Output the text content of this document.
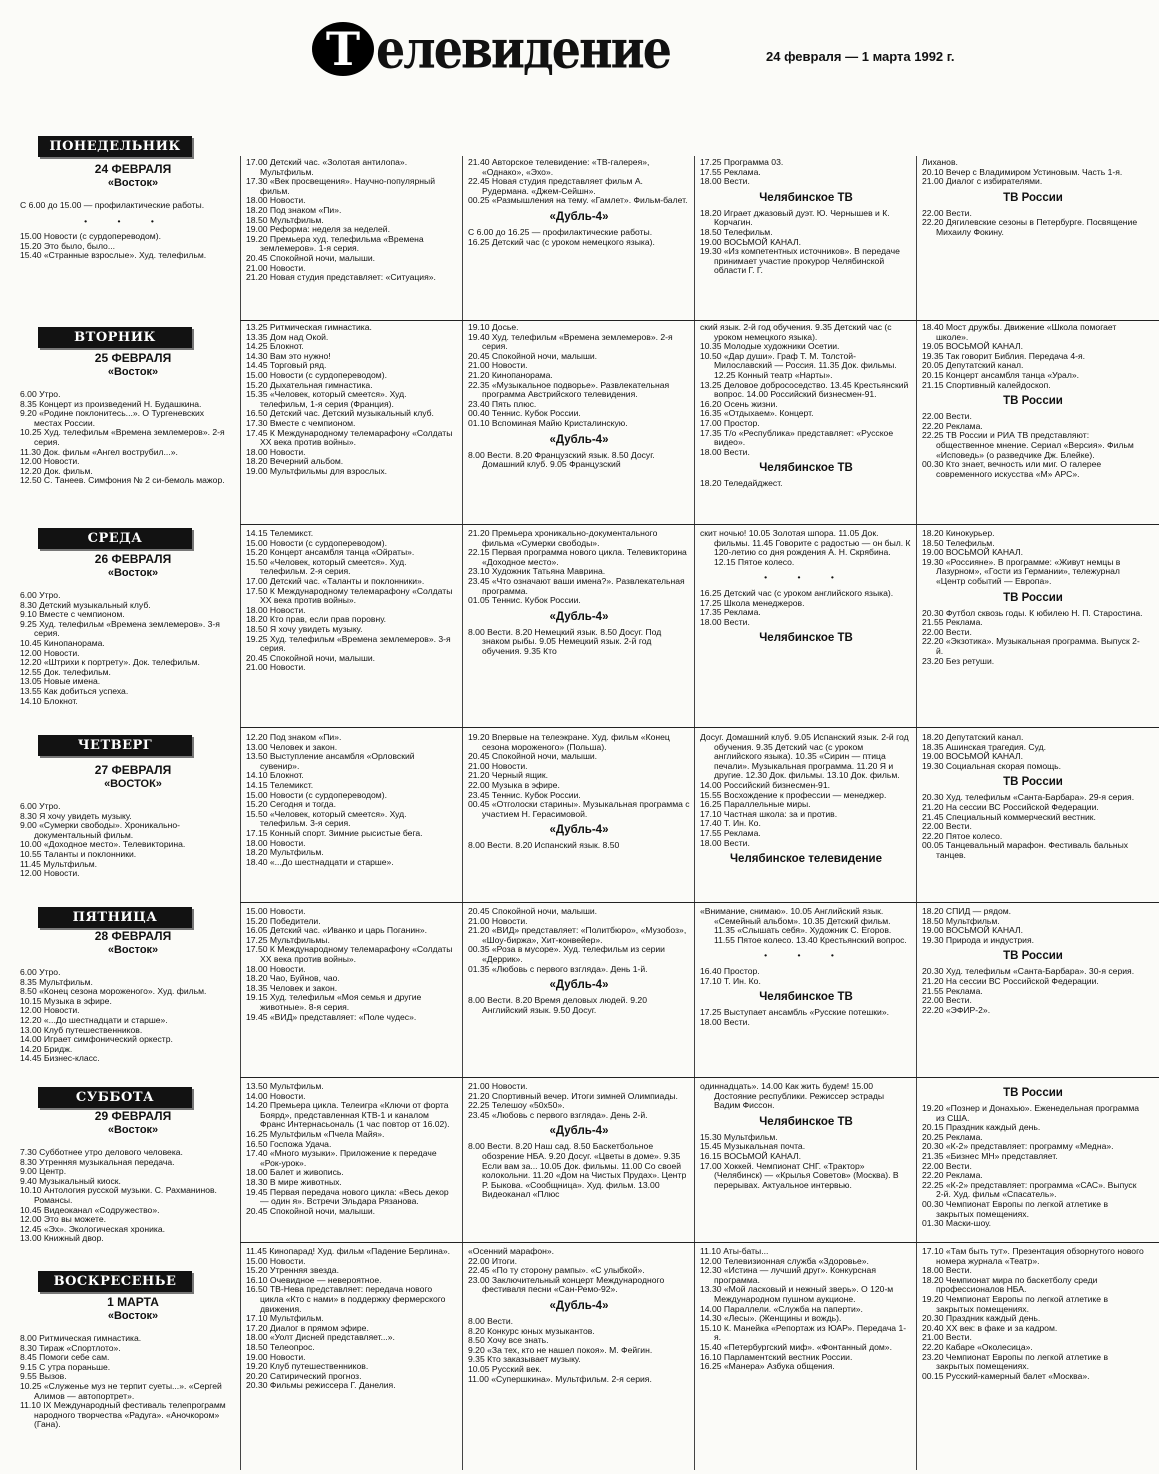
Т елевидение	24 февраля — 1 марта 1992 г.

С 6.00 до 15.00 — профилактические работы.

• • •

15.00 Новости (с сурдопереводом).

15.20 Это было, было...

15.40 «Странные взрослые». Худ. телефильм.

17.00 Детский час. «Золотая антилопа». Мультфильм.

17.30 «Век просвещения». Научно-популярный фильм.

18.00 Новости.

18.20 Под знаком «Пи».

18.50 Мультфильм.

19.00 Реформа: неделя за неделей.

19.20 Премьера худ. телефильма «Времена землемеров». 1-я серия.

20.45 Спокойной ночи, малыши.

21.00 Новости.

21.20 Новая студия представляет: «Ситуация».

21.40 Авторское телевидение: «ТВ-галерея», «Однако», «Эхо».

22.45 Новая студия представляет фильм А. Рудермана. «Джем-Сейшн».

00.25 «Размышления на тему. «Гамлет». Фильм-балет.

«Дубль-4»

С 6.00 до 16.25 — профилактические работы.

16.25 Детский час (с уроком немецкого языка).

17.25 Программа 03.

17.55 Реклама.

18.00 Вести.

Челябинское ТВ

18.20 Играет джазовый дуэт. Ю. Чернышев и К. Корчагин.

18.50 Телефильм.

19.00 ВОСЬМОЙ КАНАЛ.

19.30 «Из компетентных источников». В передаче принимает участие прокурор Челябинской области Г. Г.

Лиханов.

20.10 Вечер с Владимиром Устиновым. Часть 1-я.

21.00 Диалог с избирателями.

ТВ России

22.00 Вести.

22.20 Дягилевские сезоны в Петербурге. Посвящение Михаилу Фокину.

6.00 Утро.

8.35 Концерт из произведений Н. Будашкина.

9.20 «Родине поклонитесь...». О Тургеневских местах России.

10.25 Худ. телефильм «Времена землемеров». 2-я серия.

11.30 Док. фильм «Ангел вострубил...».

12.00 Новости.

12.20 Док. фильм.

12.50 С. Танеев. Симфония № 2 си-бемоль мажор.

13.25 Ритмическая гимнастика.

13.35 Дом над Окой.

14.25 Блокнот.

14.30 Вам это нужно!

14.45 Торговый ряд.

15.00 Новости (с сурдопереводом).

15.20 Дыхательная гимнастика.

15.35 «Человек, который смеется». Худ. телефильм, 1-я серия (Франция).

16.50 Детский час. Детский музыкальный клуб.

17.30 Вместе с чемпионом.

17.45 К Международному телемарафону «Солдаты XX века против войны».

18.00 Новости.

18.20 Вечерний альбом.

19.00 Мультфильмы для взрослых.

19.10 Досье.

19.40 Худ. телефильм «Времена землемеров». 2-я серия.

20.45 Спокойной ночи, малыши.

21.00 Новости.

21.20 Кинопанорама.

22.35 «Музыкальное подворье». Развлекательная программа Австрийского телевидения.

23.40 Пять плюс.

00.40 Теннис. Кубок России.

01.10 Вспоминая Майю Кристалинскую.

«Дубль-4»

8.00 Вести. 8.20 Французский язык. 8.50 Досуг. Домашний клуб. 9.05 Французский

ский язык. 2-й год обучения. 9.35 Детский час (с уроком немецкого языка).

10.35 Молодые художники Осетии.

10.50 «Дар души». Граф Т. М. Толстой-Милославский — Россия. 11.35 Док. фильмы. 12.25 Конный театр «Нарты».

13.25 Деловое добрососедство. 13.45 Крестьянский вопрос. 14.00 Российский бизнесмен-91.

16.20 Осень жизни.

16.35 «Отдыхаем». Концерт.

17.00 Простор.

17.35 Т/о «Республика» представляет: «Русское видео».

18.00 Вести.

Челябинское ТВ

18.20 Теледайджест.

18.40 Мост дружбы. Движение «Школа помогает школе».

19.05 ВОСЬМОЙ КАНАЛ.

19.35 Так говорит Библия. Передача 4-я.

20.05 Депутатский канал.

20.15 Концерт ансамбля танца «Урал».

21.15 Спортивный калейдоскоп.

ТВ России

22.00 Вести.

22.20 Реклама.

22.25 ТВ России и РИА ТВ представляют: общественное мнение. Сериал «Версия». Фильм «Исповедь» (о разведчике Дж. Блейке).

00.30 Кто знает, вечность или миг. О галерее современного искусства «М» АРС».

6.00 Утро.

8.30 Детский музыкальный клуб.

9.10 Вместе с чемпионом.

9.25 Худ. телефильм «Времена землемеров». 3-я серия.

10.45 Кинопанорама.

12.00 Новости.

12.20 «Штрихи к портрету». Док. телефильм.

12.55 Док. телефильм.

13.05 Новые имена.

13.55 Как добиться успеха.

14.10 Блокнот.

14.15 Телемикст.

15.00 Новости (с сурдопереводом).

15.20 Концерт ансамбля танца «Ойраты».

15.50 «Человек, который смеется». Худ. телефильм. 2-я серия.

17.00 Детский час. «Таланты и поклонники».

17.50 К Международному телемарафону «Солдаты XX века против войны».

18.00 Новости.

18.20 Кто прав, если прав поровну.

18.50 Я хочу увидеть музыку.

19.25 Худ. телефильм «Времена землемеров». 3-я серия.

20.45 Спокойной ночи, малыши.

21.00 Новости.

21.20 Премьера хроникально-документального фильма «Сумерки свободы».

22.15 Первая программа нового цикла. Телевикторина «Доходное место».

23.10 Художник Татьяна Маврина.

23.45 «Что означают ваши имена?». Развлекательная программа.

01.05 Теннис. Кубок России.

«Дубль-4»

8.00 Вести. 8.20 Немецкий язык. 8.50 Досуг. Под знаком рыбы. 9.05 Немецкий язык. 2-й год обучения. 9.35 Кто

скит ночью! 10.05 Золотая шпора. 11.05 Док. фильмы. 11.45 Говорите с радостью — он был. К 120-летию со дня рождения А. Н. Скрябина. 12.15 Пятое колесо.

• • •

16.25 Детский час (с уроком английского языка).

17.25 Школа менеджеров.

17.35 Реклама.

18.00 Вести.

Челябинское ТВ

18.20 Кинокурьер.

18.50 Телефильм.

19.00 ВОСЬМОЙ КАНАЛ.

19.30 «Россияне». В программе: «Живут немцы в Лазурном», «Гости из Германии», тележурнал «Центр событий — Европа».

ТВ России

20.30 Футбол сквозь годы. К юбилею Н. П. Старостина.

21.55 Реклама.

22.00 Вести.

22.20 «Экзотика». Музыкальная программа. Выпуск 2-й.

23.20 Без ретуши.

6.00 Утро.

8.30 Я хочу увидеть музыку.

9.00 «Сумерки свободы». Хроникально-документальный фильм.

10.00 «Доходное место». Телевикторина.

10.55 Таланты и поклонники.

11.45 Мультфильм.

12.00 Новости.

12.20 Под знаком «Пи».

13.00 Человек и закон.

13.50 Выступление ансамбля «Орловский сувенир».

14.10 Блокнот.

14.15 Телемикст.

15.00 Новости (с сурдопереводом).

15.20 Сегодня и тогда.

15.50 «Человек, который смеется». Худ. телефильм. 3-я серия.

17.15 Конный спорт. Зимние рысистые бега.

18.00 Новости.

18.20 Мультфильм.

18.40 «...До шестнадцати и старше».

19.20 Впервые на телеэкране. Худ. фильм «Конец сезона мороженого» (Польша).

20.45 Спокойной ночи, малыши.

21.00 Новости.

21.20 Черный ящик.

22.00 Музыка в эфире.

23.45 Теннис. Кубок России.

00.45 «Отголоски старины». Музыкальная программа с участием Н. Герасимовой.

«Дубль-4»

8.00 Вести. 8.20 Испанский язык. 8.50

Досуг. Домашний клуб. 9.05 Испанский язык. 2-й год обучения. 9.35 Детский час (с уроком английского языка). 10.35 «Сирин — птица печали». Музыкальная программа. 11.20 Я и другие. 12.30 Док. фильмы. 13.10 Док. фильм.

14.00 Российский бизнесмен-91.

15.55 Восхождение к профессии — менеджер.

16.25 Параллельные миры.

17.10 Частная школа: за и против.

17.40 Т. Ин. Ко.

17.55 Реклама.

18.00 Вести.

Челябинское телевидение

18.20 Депутатский канал.

18.35 Ашинская трагедия. Суд.

19.00 ВОСЬМОЙ КАНАЛ.

19.30 Социальная скорая помощь.

ТВ России

20.30 Худ. телефильм «Санта-Барбара». 29-я серия.

21.20 На сессии ВС Российской Федерации.

21.45 Специальный коммерческий вестник.

22.00 Вести.

22.20 Пятое колесо.

00.05 Танцевальный марафон. Фестиваль бальных танцев.

6.00 Утро.

8.35 Мультфильм.

8.50 «Конец сезона мороженого». Худ. фильм.

10.15 Музыка в эфире.

12.00 Новости.

12.20 «...До шестнадцати и старше».

13.00 Клуб путешественников.

14.00 Играет симфонический оркестр.

14.20 Бридж.

14.45 Бизнес-класс.

15.00 Новости.

15.20 Победители.

16.05 Детский час. «Иванко и царь Поганин».

17.25 Мультфильмы.

17.50 К Международному телемарафону «Солдаты XX века против войны».

18.00 Новости.

18.20 Чао, Буйнов, чао.

18.35 Человек и закон.

19.15 Худ. телефильм «Моя семья и другие животные». 8-я серия.

19.45 «ВИД» представляет: «Поле чудес».

20.45 Спокойной ночи, малыши.

21.00 Новости.

21.20 «ВИД» представляет: «Политбюро», «Музобоз», «Шоу-биржа», Хит-конвейер».

00.35 «Роза в мусоре». Худ. телефильм из серии «Деррик».

01.35 «Любовь с первого взгляда». День 1-й.

«Дубль-4»

8.00 Вести. 8.20 Время деловых людей. 9.20 Английский язык. 9.50 Досуг.

«Внимание, снимаю». 10.05 Английский язык. «Семейный альбом». 10.35 Детский фильм. 11.35 «Слышать себя». Художник С. Егоров. 11.55 Пятое колесо. 13.40 Крестьянский вопрос.

• • •

16.40 Простор.

17.10 Т. Ин. Ко.

Челябинское ТВ

17.25 Выступает ансамбль «Русские потешки».

18.00 Вести.

18.20 СПИД — рядом.

18.50 Мультфильм.

19.00 ВОСЬМОЙ КАНАЛ.

19.30 Природа и индустрия.

ТВ России

20.30 Худ. телефильм «Санта-Барбара». 30-я серия.

21.20 На сессии ВС Российской Федерации.

21.55 Реклама.

22.00 Вести.

22.20 «ЭФИР-2».

7.30 Субботнее утро делового человека.

8.30 Утренняя музыкальная передача.

9.00 Центр.

9.40 Музыкальный киоск.

10.10 Антология русской музыки. С. Рахманинов. Романсы.

10.45 Видеоканал «Содружество».

12.00 Это вы можете.

12.45 «Эх». Экологическая хроника.

13.00 Книжный двор.

13.50 Мультфильм.

14.00 Новости.

14.20 Премьера цикла. Телеигра «Ключи от форта Боярд», представленная КТВ-1 и каналом Франс Интернасьональ (1 час повтор от 16.02).

16.25 Мультфильм «Пчела Майя».

16.50 Госпожа Удача.

17.40 «Много музыки». Приложение к передаче «Рок-урок».

18.00 Балет и живопись.

18.30 В мире животных.

19.45 Первая передача нового цикла: «Весь декор — один я». Встречи Эльдара Рязанова.

20.45 Спокойной ночи, малыши.

21.00 Новости.

21.20 Спортивный вечер. Итоги зимней Олимпиады.

22.25 Телешоу «50х50».

23.45 «Любовь с первого взгляда». День 2-й.

«Дубль-4»

8.00 Вести. 8.20 Наш сад. 8.50 Баскетбольное обозрение НБА. 9.20 Досуг. «Цветы в доме». 9.35 Если вам за... 10.05 Док. фильмы. 11.00 Со своей колокольни. 11.20 «Дом на Чистых Прудах». Центр Р. Быкова. «Сообщница». Худ. фильм. 13.00 Видеоканал «Плюс

одиннадцать». 14.00 Как жить будем! 15.00 Достояние республики. Режиссер эстрады Вадим Фиссон.

Челябинское ТВ

15.30 Мультфильм.

15.45 Музыкальная почта.

16.15 ВОСЬМОЙ КАНАЛ.

17.00 Хоккей. Чемпионат СНГ. «Трактор» (Челябинск) — «Крылья Советов» (Москва). В перерывах. Актуальное интервью.

ТВ России

19.20 «Познер и Донахью». Еженедельная программа из США.

20.15 Праздник каждый день.

20.25 Реклама.

20.30 «К-2» представляет: программу «Медна».

21.35 «Бизнес МН» представляет.

22.00 Вести.

22.20 Реклама.

22.25 «К-2» представляет: программа «САС». Выпуск 2-й. Худ. фильм «Спасатель».

00.30 Чемпионат Европы по легкой атлетике в закрытых помещениях.

01.30 Маски-шоу.

8.00 Ритмическая гимнастика.

8.30 Тираж «Спортлото».

8.45 Помоги себе сам.

9.15 С утра пораньше.

9.55 Вызов.

10.25 «Служенье муз не терпит суеты...». «Сергей Алимов — автопортрет».

11.10 IX Международный фестиваль телепрограмм народного творчества «Радуга». «Аночкором» (Гана).

11.45 Кинопарад! Худ. фильм «Падение Берлина».

15.00 Новости.

15.20 Утренняя звезда.

16.10 Очевидное — невероятное.

16.50 ТВ-Нева представляет: передача нового цикла «Кто с нами» в поддержку фермерского движения.

17.10 Мультфильм.

17.20 Диалог в прямом эфире.

18.00 «Уолт Дисней представляет...».

18.50 Телеопрос.

19.00 Новости.

19.20 Клуб путешественников.

20.20 Сатирический прогноз.

20.30 Фильмы режиссера Г. Данелия.

«Осенний марафон».

22.00 Итоги.

22.45 «По ту сторону рампы». «С улыбкой».

23.00 Заключительный концерт Международного фестиваля песни «Сан-Ремо-92».

«Дубль-4»

8.00 Вести.

8.20 Конкурс юных музыкантов.

8.50 Хочу все знать.

9.20 «За тех, кто не нашел покоя». М. Фейгин.

9.35 Кто заказывает музыку.

10.05 Русский век.

11.00 «Супершкина». Мультфильм. 2-я серия.

11.10 Аты-баты...

12.00 Телевизионная служба «Здоровье».

12.30 «Истина — лучший друг». Конкурсная программа.

13.30 «Мой ласковый и нежный зверь». О 120-м Международном пушном аукционе.

14.00 Параллели. «Служба на паперти».

14.30 «Лесы». (Женщины и вождь).

15.10 К. Манейка «Репортаж из ЮАР». Передача 1-я.

15.40 «Петербургский миф». «Фонтанный дом».

16.10 Парламентский вестник России.

16.25 «Манера» Азбука общения.

17.10 «Там быть тут». Презентация обзорнутого нового номера журнала «Театр».

18.00 Вести.

18.20 Чемпионат мира по баскетболу среди профессионалов НБА.

19.20 Чемпионат Европы по легкой атлетике в закрытых помещениях.

20.30 Праздник каждый день.

20.40 XX век: в факе и за кадром.

21.00 Вести.

22.20 Кабаре «Околесица».

23.20 Чемпионат Европы по легкой атлетике в закрытых помещениях.

00.15 Русский-камерный балет «Москва».

ПОНЕДЕЛЬНИК
24 ФЕВРАЛЯ
«Восток»
ВТОРНИК
25 ФЕВРАЛЯ
«Восток»
СРЕДА
26 ФЕВРАЛЯ
«Восток»
ЧЕТВЕРГ
27 ФЕВРАЛЯ
«ВОСТОК»
ПЯТНИЦА
28 ФЕВРАЛЯ
«Восток»
СУББОТА
29 ФЕВРАЛЯ
«Восток»
ВОСКРЕСЕНЬЕ
1 МАРТА
«Восток»
